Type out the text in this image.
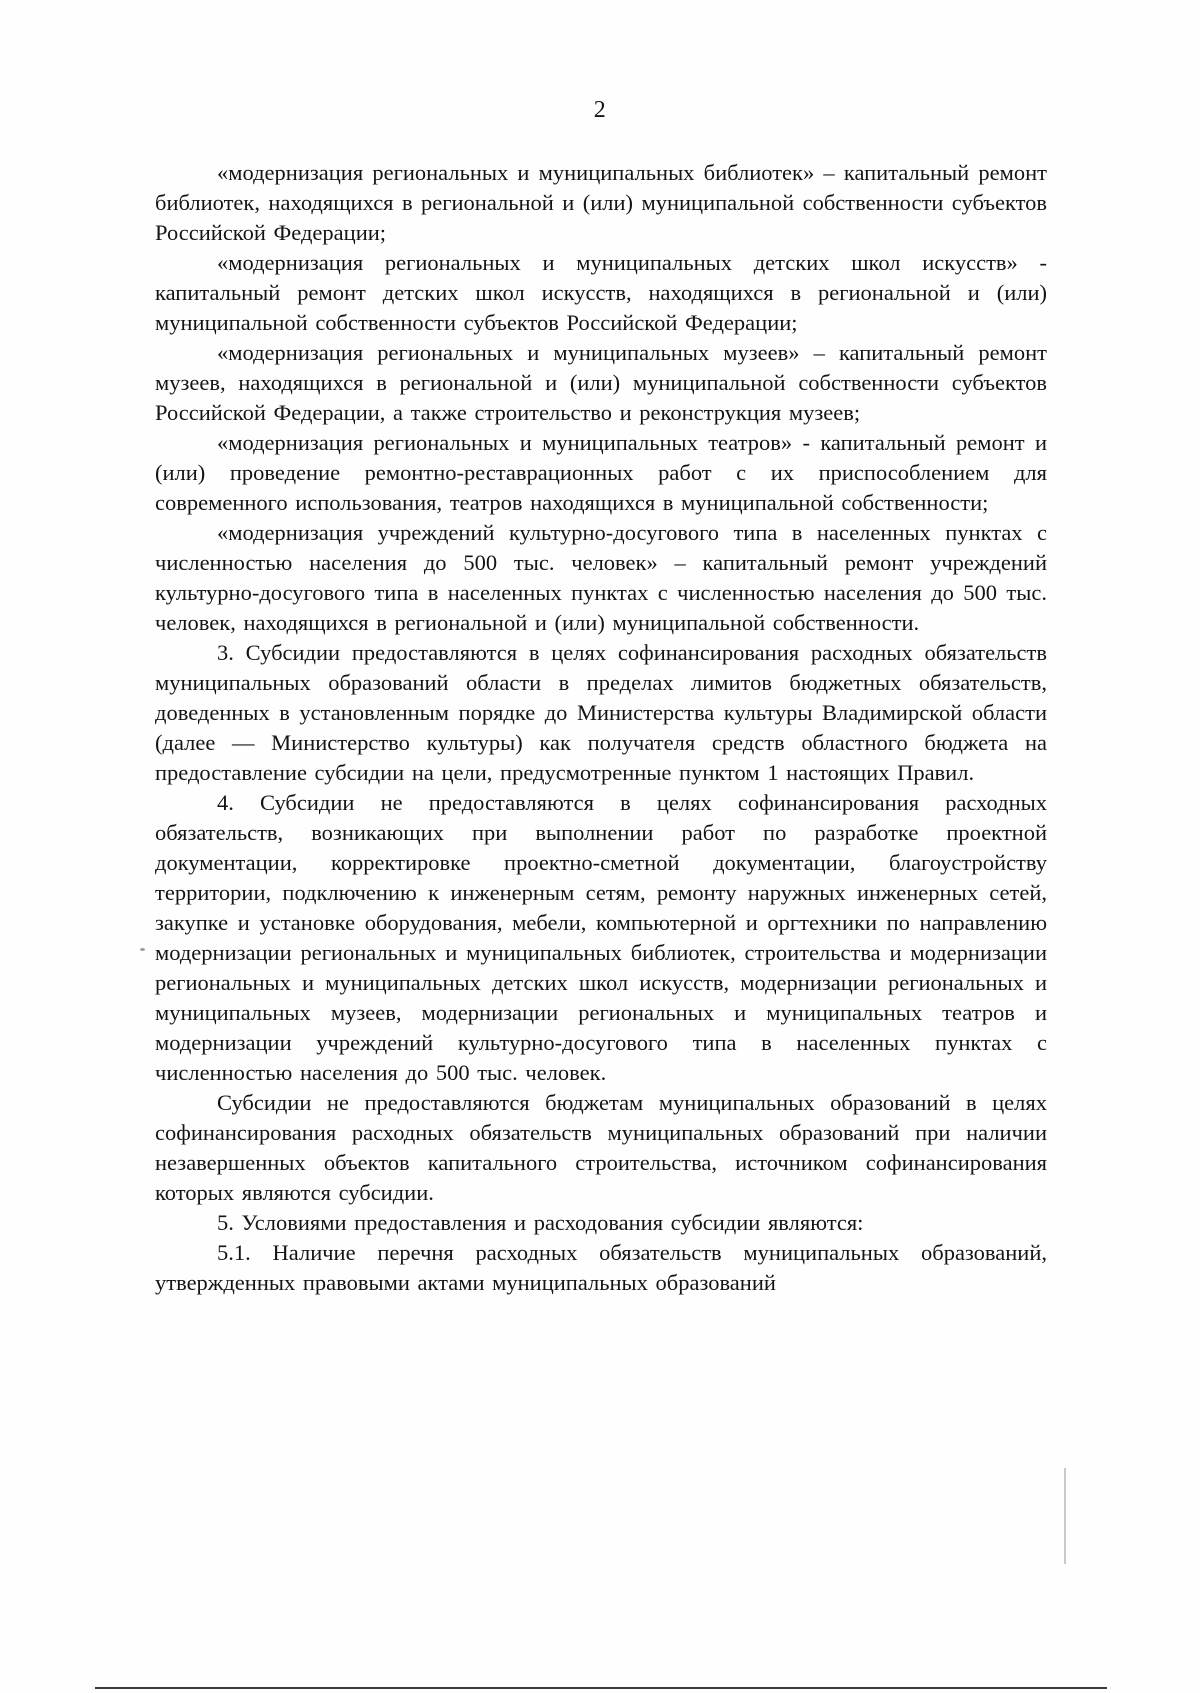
2

«модернизация региональных и муниципальных библиотек» – капитальный ремонт библиотек, находящихся в региональной и (или) муниципальной собственности субъектов Российской Федерации;

«модернизация региональных и муниципальных детских школ искусств» - капитальный ремонт детских школ искусств, находящихся в региональной и (или) муниципальной собственности субъектов Российской Федерации;

«модернизация региональных и муниципальных музеев» – капитальный ремонт музеев, находящихся в региональной и (или) муниципальной собственности субъектов Российской Федерации, а также строительство и реконструкция музеев;

«модернизация региональных и муниципальных театров» - капитальный ремонт и (или) проведение ремонтно-реставрационных работ с их приспособлением для современного использования, театров находящихся в муниципальной собственности;

«модернизация учреждений культурно-досугового типа в населенных пунктах с численностью населения до 500 тыс. человек» – капитальный ремонт учреждений культурно-досугового типа в населенных пунктах с численностью населения до 500 тыс. человек, находящихся в региональной и (или) муниципальной собственности.

3. Субсидии предоставляются в целях софинансирования расходных обязательств муниципальных образований области в пределах лимитов бюджетных обязательств, доведенных в установленным порядке до Министерства культуры Владимирской области (далее — Министерство культуры) как получателя средств областного бюджета на предоставление субсидии на цели, предусмотренные пунктом 1 настоящих Правил.

4. Субсидии не предоставляются в целях софинансирования расходных обязательств, возникающих при выполнении работ по разработке проектной документации, корректировке проектно-сметной документации, благоустройству территории, подключению к инженерным сетям, ремонту наружных инженерных сетей, закупке и установке оборудования, мебели, компьютерной и оргтехники по направлению модернизации региональных и муниципальных библиотек, строительства и модернизации региональных и муниципальных детских школ искусств, модернизации региональных и муниципальных музеев, модернизации региональных и муниципальных театров и модернизации учреждений культурно-досугового типа в населенных пунктах с численностью населения до 500 тыс. человек.

Субсидии не предоставляются бюджетам муниципальных образований в целях софинансирования расходных обязательств муниципальных образований при наличии незавершенных объектов капитального строительства, источником софинансирования которых являются субсидии.

5. Условиями предоставления и расходования субсидии являются:

5.1. Наличие перечня расходных обязательств муниципальных образований, утвержденных правовыми актами муниципальных образований
